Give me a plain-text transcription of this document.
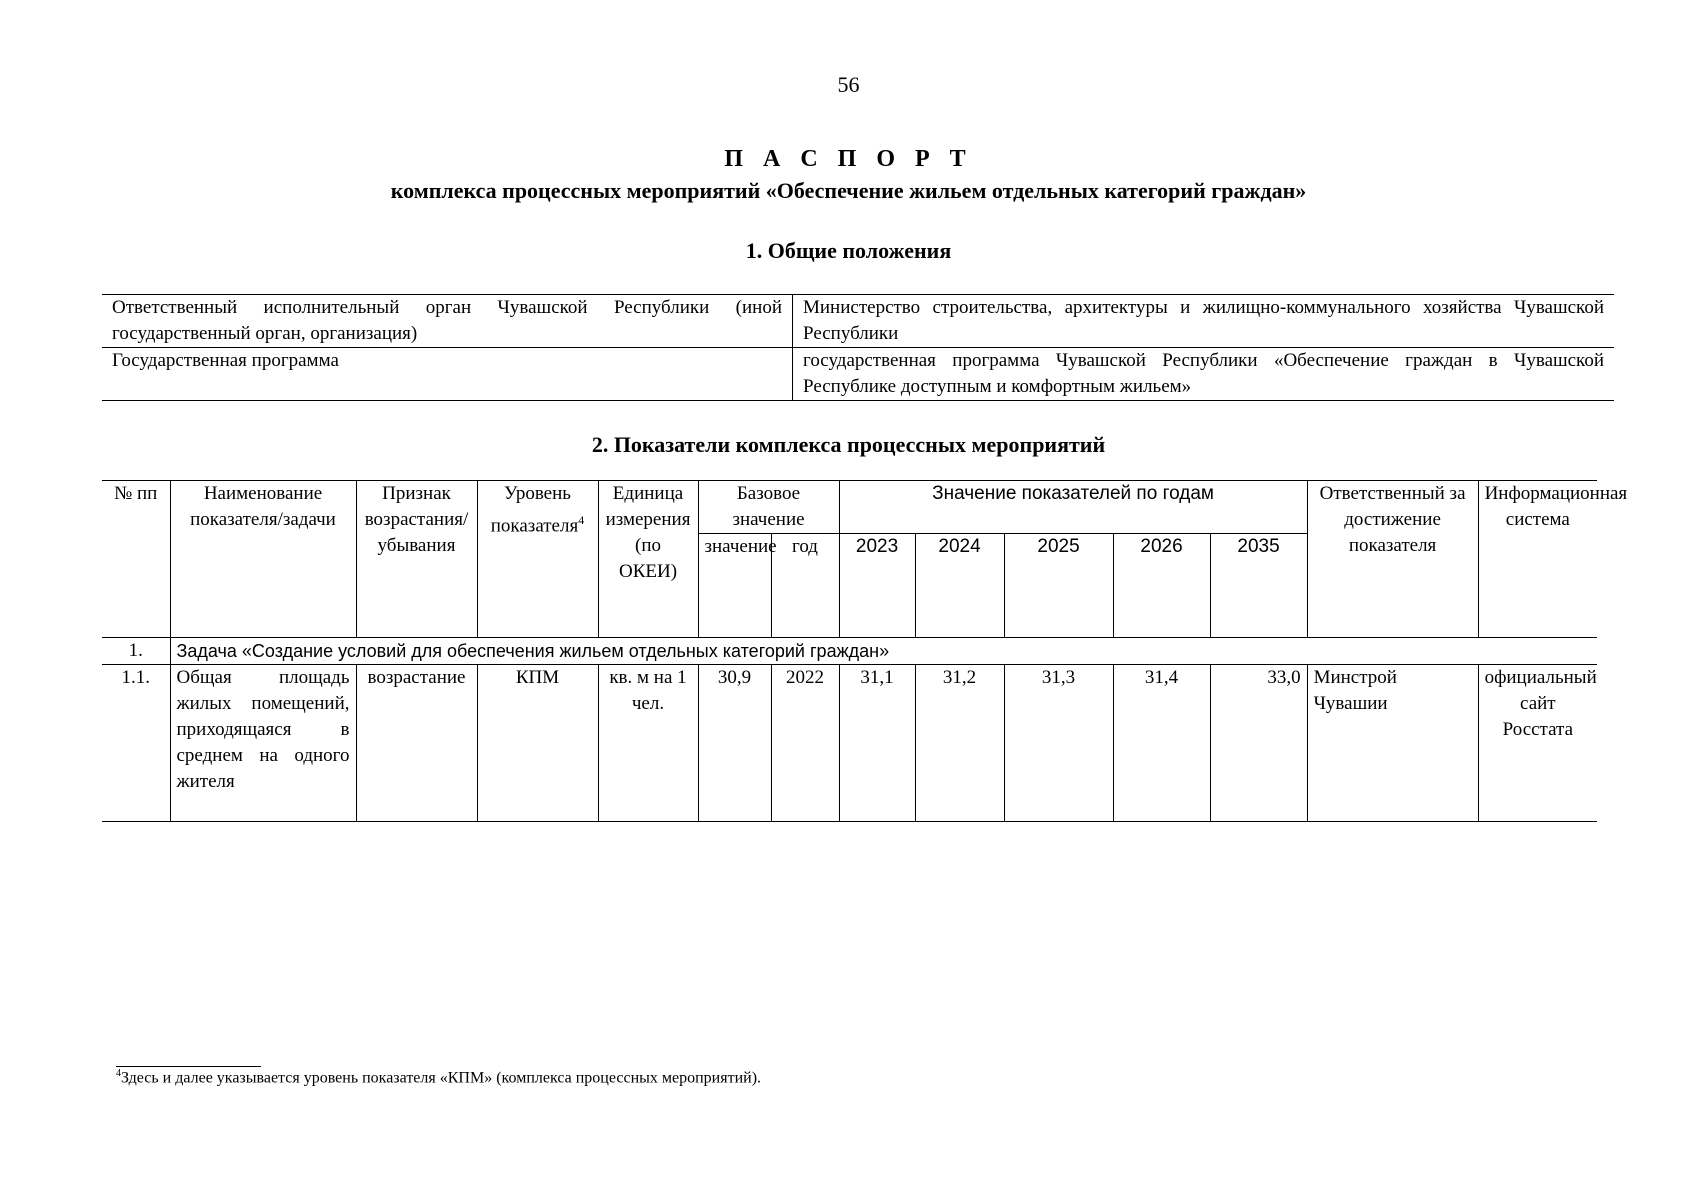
56
П А С П О Р Т
комплекса процессных мероприятий «Обеспечение жильем отдельных категорий граждан»
1. Общие положения
Ответственный исполнительный орган Чувашской Республики (иной государственный орган, организация)	Министерство строительства, архитектуры и жилищно-коммунального хозяйства Чувашской Республики
Государственная программа	государственная программа Чувашской Республики «Обеспечение граждан в Чувашской Республике доступным и комфортным жильем»
2. Показатели комплекса процессных мероприятий
№ пп	Наименование показателя/задачи	Признак возрастания/убывания	Уровень показателя$^4$	Единица измерения (по ОКЕИ)	Базовое значение		Значение показателей по годам					Ответственный за достижение показателя	Информационная система
					значение	год	2023	2024	2025	2026	2035		
1.	Задача «Создание условий для обеспечения жильем отдельных категорий граждан»												
1.1.	Общая площадь жилых помещений, приходящаяся в среднем на одного жителя	возрастание	КПМ	кв. м на 1 чел.	30,9	2022	31,1	31,2	31,3	31,4	33,0	Минстрой Чувашии	официальный сайт Росстата
$^4$Здесь и далее указывается уровень показателя «КПМ» (комплекса процессных мероприятий).
